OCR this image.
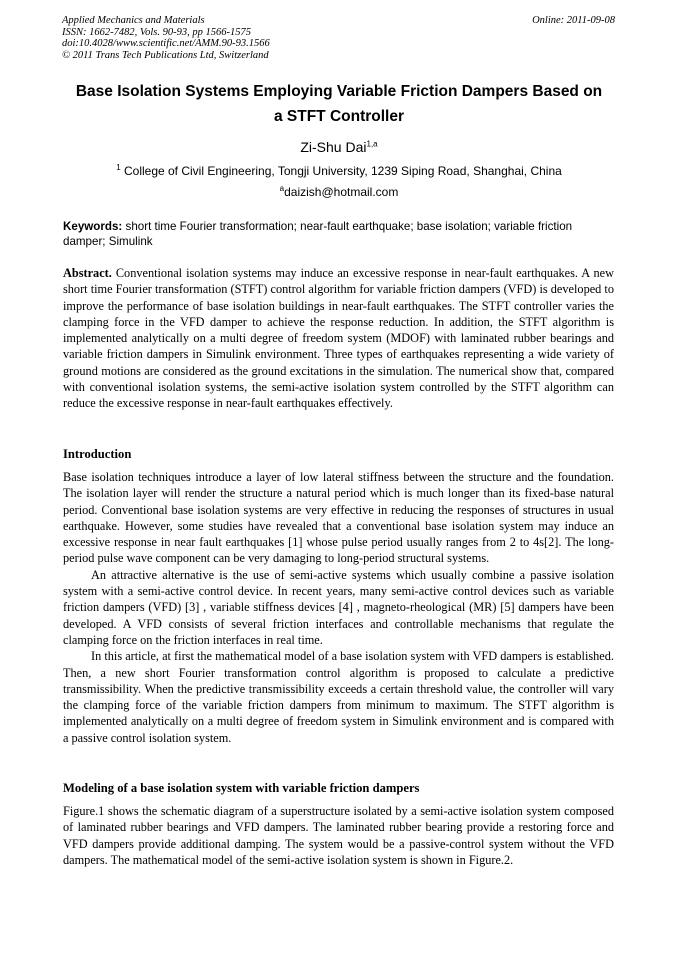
Applied Mechanics and Materials
ISSN: 1662-7482, Vols. 90-93, pp 1566-1575
doi:10.4028/www.scientific.net/AMM.90-93.1566
© 2011 Trans Tech Publications Ltd, Switzerland
Online: 2011-09-08
Base Isolation Systems Employing Variable Friction Dampers Based on
a STFT Controller
Zi-Shu Dai$^{1,a}$
$^1$ College of Civil Engineering, Tongji University, 1239 Siping Road, Shanghai, China
$^a$daizish@hotmail.com
Keywords: short time Fourier transformation; near-fault earthquake; base isolation; variable friction damper; Simulink

Abstract. Conventional isolation systems may induce an excessive response in near-fault earthquakes. A new short time Fourier transformation (STFT) control algorithm for variable friction dampers (VFD) is developed to improve the performance of base isolation buildings in near-fault earthquakes. The STFT controller varies the clamping force in the VFD damper to achieve the response reduction. In addition, the STFT algorithm is implemented analytically on a multi degree of freedom system (MDOF) with laminated rubber bearings and variable friction dampers in Simulink environment. Three types of earthquakes representing a wide variety of ground motions are considered as the ground excitations in the simulation. The numerical show that, compared with conventional isolation systems, the semi-active isolation system controlled by the STFT algorithm can reduce the excessive response in near-fault earthquakes effectively.

Introduction

Base isolation techniques introduce a layer of low lateral stiffness between the structure and the foundation. The isolation layer will render the structure a natural period which is much longer than its fixed-base natural period. Conventional base isolation systems are very effective in reducing the responses of structures in usual earthquake. However, some studies have revealed that a conventional base isolation system may induce an excessive response in near fault earthquakes [1] whose pulse period usually ranges from 2 to 4s[2]. The long-period pulse wave component can be very damaging to long-period structural systems.

An attractive alternative is the use of semi-active systems which usually combine a passive isolation system with a semi-active control device. In recent years, many semi-active control devices such as variable friction dampers (VFD) [3] , variable stiffness devices [4] , magneto-rheological (MR) [5] dampers have been developed. A VFD consists of several friction interfaces and controllable mechanisms that regulate the clamping force on the friction interfaces in real time.

In this article, at first the mathematical model of a base isolation system with VFD dampers is established. Then, a new short Fourier transformation control algorithm is proposed to calculate a predictive transmissibility. When the predictive transmissibility exceeds a certain threshold value, the controller will vary the clamping force of the variable friction dampers from minimum to maximum. The STFT algorithm is implemented analytically on a multi degree of freedom system in Simulink environment and is compared with a passive control isolation system.

Modeling of a base isolation system with variable friction dampers

Figure.1 shows the schematic diagram of a superstructure isolated by a semi-active isolation system composed of laminated rubber bearings and VFD dampers. The laminated rubber bearing provide a restoring force and VFD dampers provide additional damping. The system would be a passive-control system without the VFD dampers. The mathematical model of the semi-active isolation system is shown in Figure.2.
